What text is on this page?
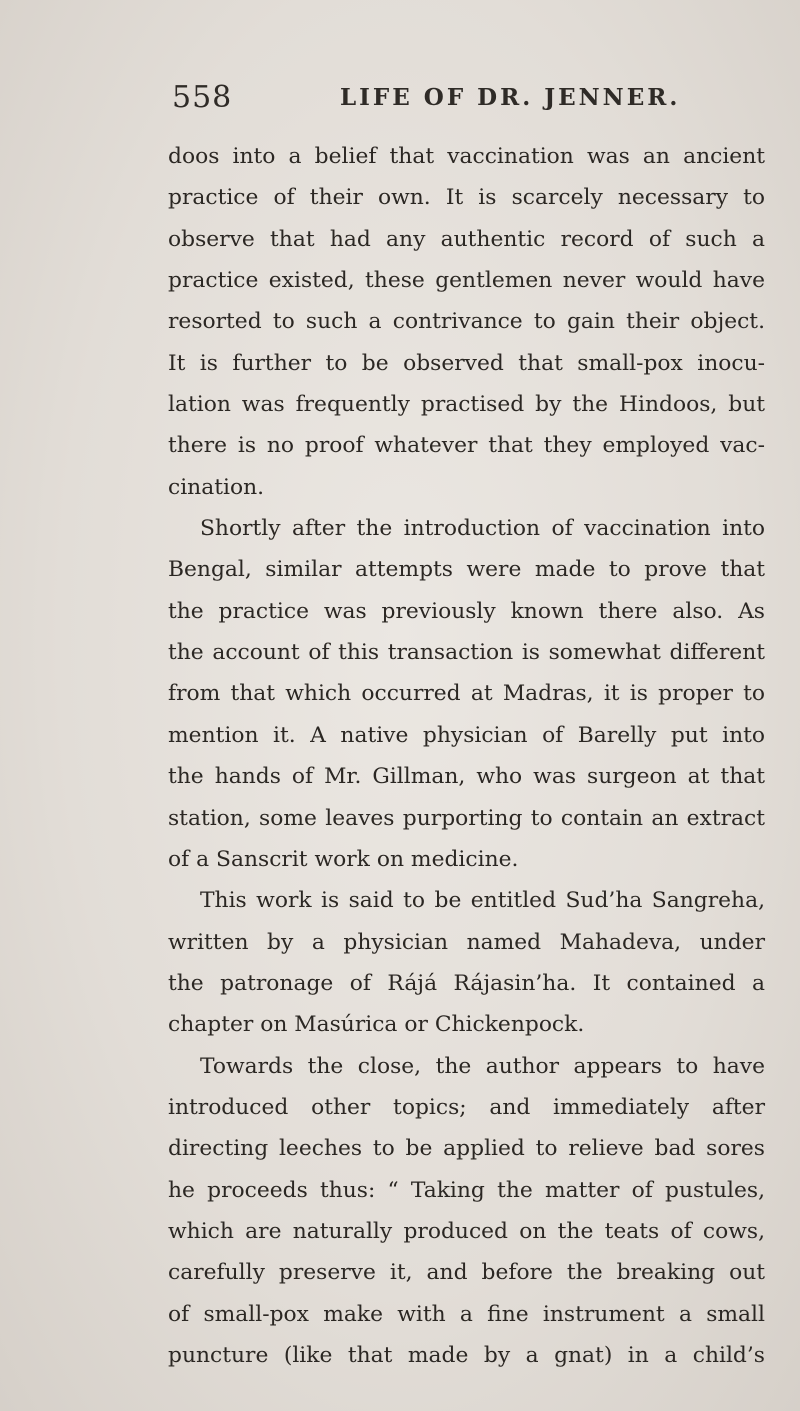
558	LIFE OF DR. JENNER.
doos into a belief that vaccination was an ancient
practice of their own. It is scarcely necessary to
observe that had any authentic record of such a
practice existed, these gentlemen never would have
resorted to such a contrivance to gain their object.
It is further to be observed that small-pox inocu-
lation was frequently practised by the Hindoos, but
there is no proof whatever that they employed vac-
cination.
Shortly after the introduction of vaccination into
Bengal, similar attempts were made to prove that
the practice was previously known there also. As
the account of this transaction is somewhat different
from that which occurred at Madras, it is proper to
mention it. A native physician of Barelly put into
the hands of Mr. Gillman, who was surgeon at that
station, some leaves purporting to contain an extract
of a Sanscrit work on medicine.
This work is said to be entitled Sud’ha Sangreha,
written by a physician named Mahadeva, under
the patronage of Rájá Rájasin’ha. It contained a
chapter on Masúrica or Chickenpock.
Towards the close, the author appears to have
introduced other topics; and immediately after
directing leeches to be applied to relieve bad sores
he proceeds thus: “ Taking the matter of pustules,
which are naturally produced on the teats of cows,
carefully preserve it, and before the breaking out
of small-pox make with a fine instrument a small
puncture (like that made by a gnat) in a child’s
